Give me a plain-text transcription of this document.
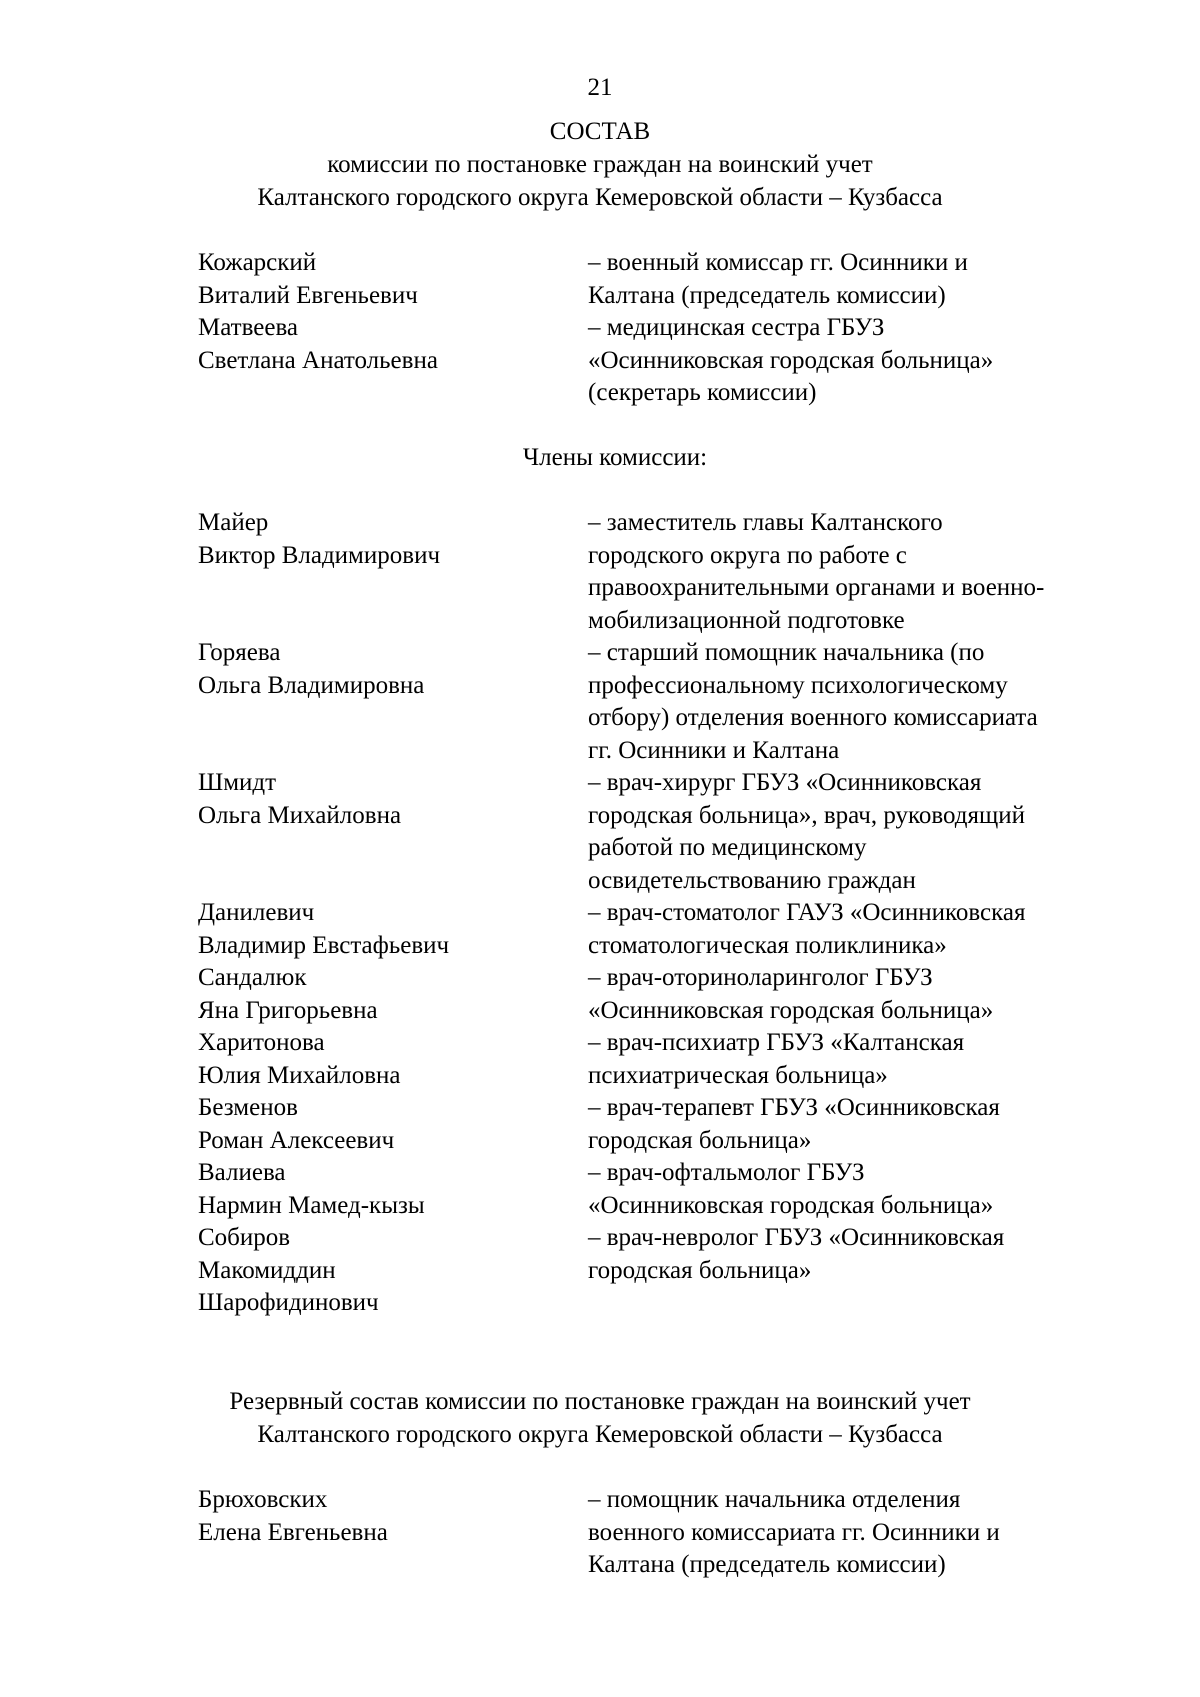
21
СОСТАВ
комиссии по постановке граждан на воинский учет
Калтанского городского округа Кемеровской области – Кузбасса
Кожарский
Виталий Евгеньевич
Матвеева
Светлана Анатольевна
– военный комиссар гг. Осинники и
Калтана (председатель комиссии)
– медицинская сестра ГБУЗ
«Осинниковская городская больница»
(секретарь комиссии)
Члены комиссии:
Майер
Виктор Владимирович
Горяева
Ольга Владимировна
Шмидт
Ольга Михайловна
Данилевич
Владимир Евстафьевич
Сандалюк
Яна Григорьевна
Харитонова
Юлия Михайловна
Безменов
Роман Алексеевич
Валиева
Нармин Мамед-кызы
Собиров
Макомиддин
Шарофидинович
– заместитель главы Калтанского
городского округа по работе с
правоохранительными органами и военно-
мобилизационной подготовке
– старший помощник начальника (по
профессиональному психологическому
отбору) отделения военного комиссариата
гг. Осинники и Калтана
– врач-хирург ГБУЗ «Осинниковская
городская больница», врач, руководящий
работой по медицинскому
освидетельствованию граждан
– врач-стоматолог ГАУЗ «Осинниковская
стоматологическая поликлиника»
– врач-оториноларинголог ГБУЗ
«Осинниковская городская больница»
– врач-психиатр ГБУЗ «Калтанская
психиатрическая больница»
– врач-терапевт ГБУЗ «Осинниковская
городская больница»
– врач-офтальмолог ГБУЗ
«Осинниковская городская больница»
– врач-невролог ГБУЗ «Осинниковская
городская больница»
Резервный состав комиссии по постановке граждан на воинский учет
Калтанского городского округа Кемеровской области – Кузбасса
Брюховских
Елена Евгеньевна
– помощник начальника отделения
военного комиссариата гг. Осинники и
Калтана (председатель комиссии)
